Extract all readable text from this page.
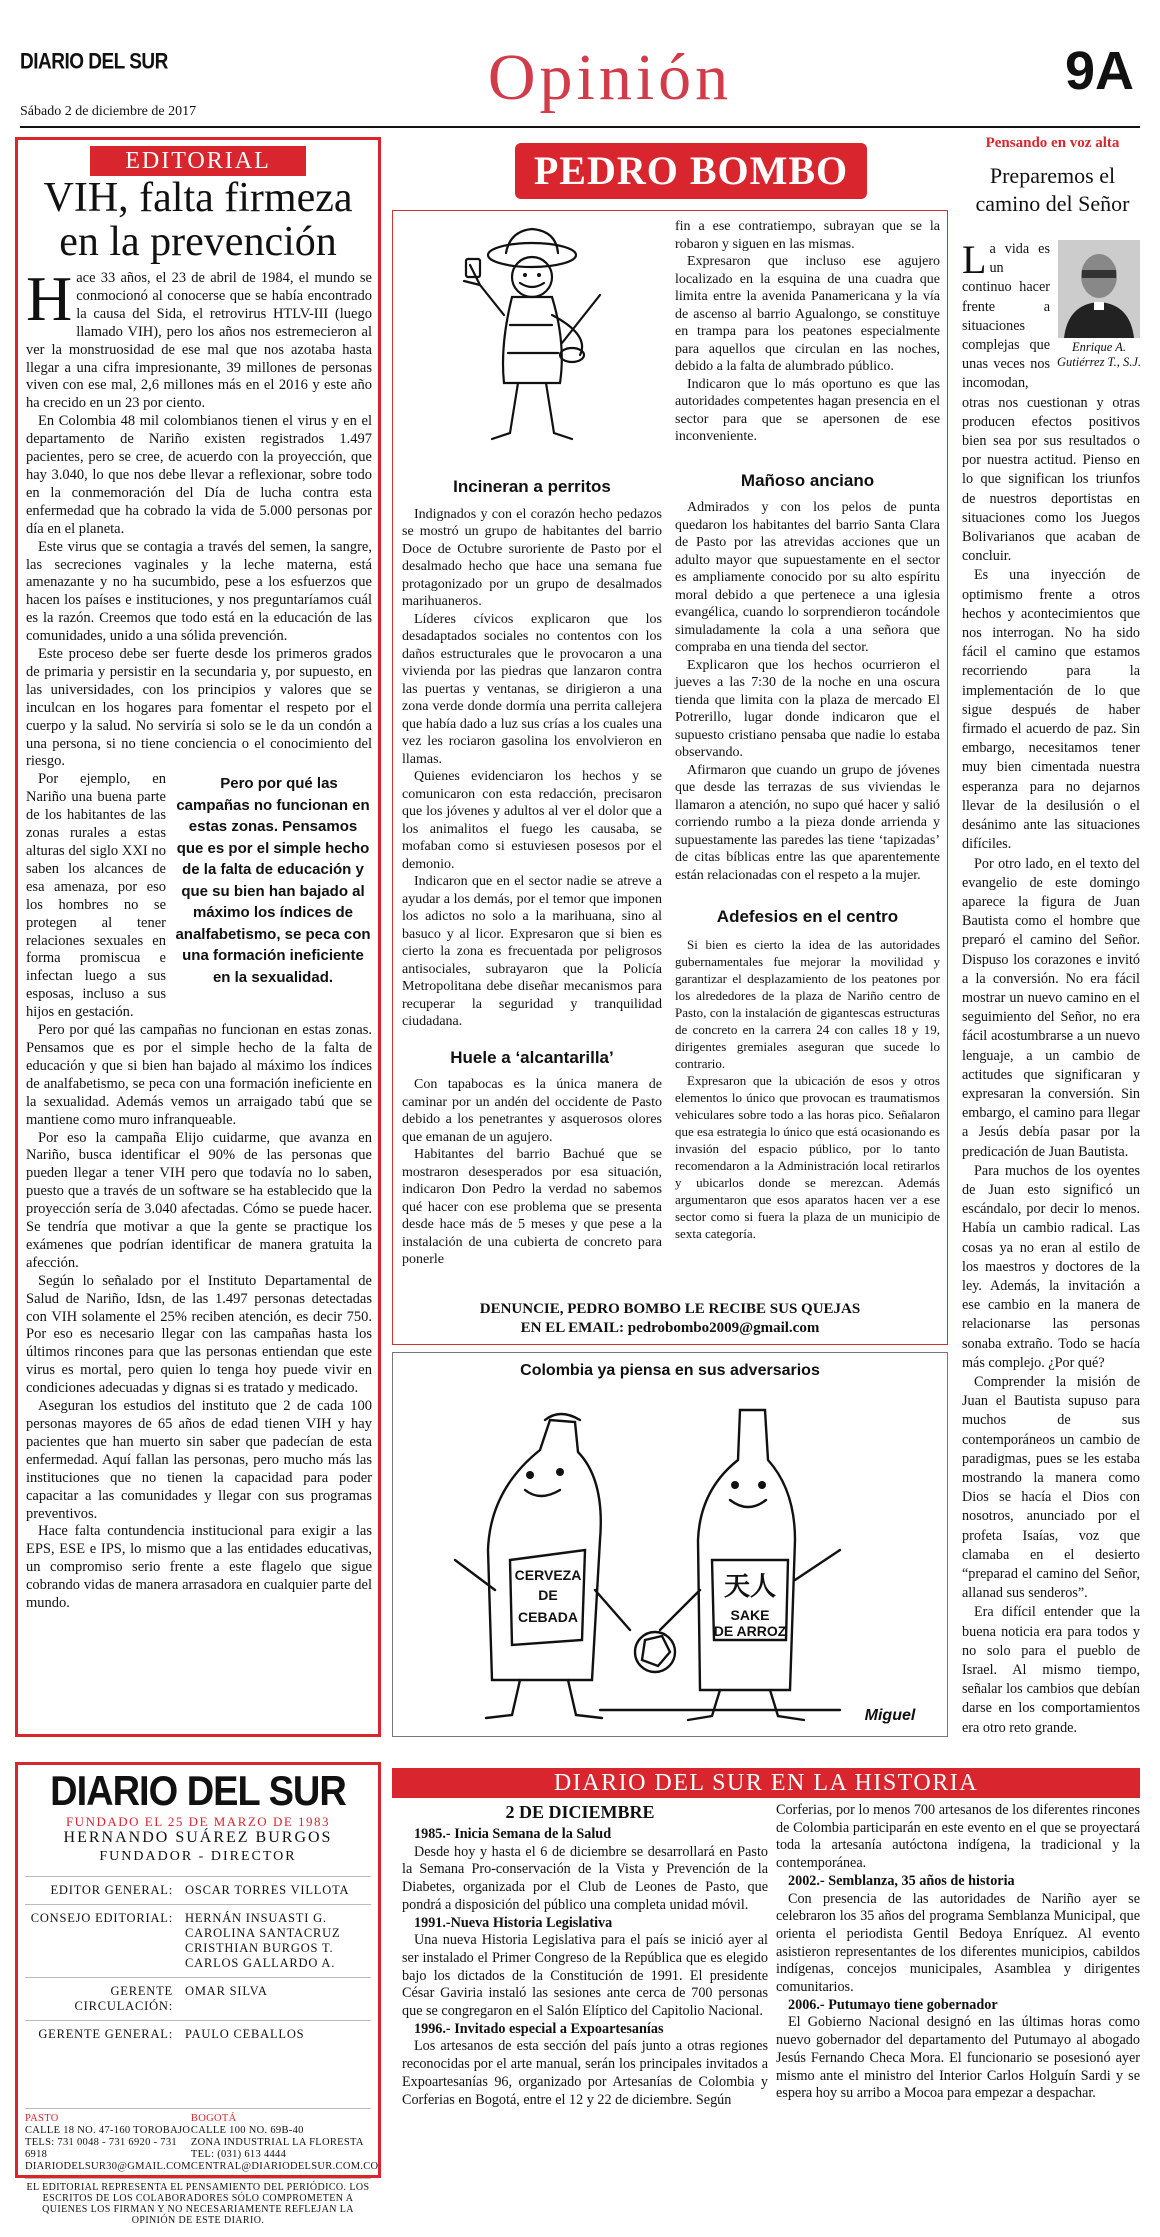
DIARIO DEL SUR
Sábado 2 de diciembre de 2017	Opinión	9A
EDITORIAL
VIH, falta firmeza
en la prevención

Hace 33 años, el 23 de abril de 1984, el mundo se conmocionó al conocerse que se había encontrado la causa del Sida, el retrovirus HTLV-III (luego llamado VIH), pero los años nos estremecieron al ver la monstruosidad de ese mal que nos azotaba hasta llegar a una cifra impresionante, 39 millones de personas viven con ese mal, 2,6 millones más en el 2016 y este año ha crecido en un 23 por ciento.

En Colombia 48 mil colombianos tienen el virus y en el departamento de Nariño existen registrados 1.497 pacientes, pero se cree, de acuerdo con la proyección, que hay 3.040, lo que nos debe llevar a reflexionar, sobre todo en la conmemoración del Día de lucha contra esta enfermedad que ha cobrado la vida de 5.000 personas por día en el planeta.

Este virus que se contagia a través del semen, la sangre, las secreciones vaginales y la leche materna, está amenazante y no ha sucumbido, pese a los esfuerzos que hacen los países e instituciones, y nos preguntaríamos cuál es la razón. Creemos que todo está en la educación de las comunidades, unido a una sólida prevención.

Este proceso debe ser fuerte desde los primeros grados de primaria y persistir en la secundaria y, por supuesto, en las universidades, con los principios y valores que se inculcan en los hogares para fomentar el respeto por el cuerpo y la salud. No serviría si solo se le da un condón a una persona, si no tiene conciencia o el conocimiento del riesgo.

Pero por qué las campañas no funcionan en estas zonas. Pensamos que es por el simple hecho de la falta de educación y que su bien han bajado al máximo los índices de analfabetismo, se peca con una formación ineficiente en la sexualidad.
Por ejemplo, en Nariño una buena parte de los habitantes de las zonas rurales a estas alturas del siglo XXI no saben los alcances de esa amenaza, por eso los hombres no se protegen al tener relaciones sexuales en forma promiscua e infectan luego a sus esposas, incluso a sus hijos en gestación.

Pero por qué las campañas no funcionan en estas zonas. Pensamos que es por el simple hecho de la falta de educación y que si bien han bajado al máximo los índices de analfabetismo, se peca con una formación ineficiente en la sexualidad. Además vemos un arraigado tabú que se mantiene como muro infranqueable.

Por eso la campaña Elijo cuidarme, que avanza en Nariño, busca identificar el 90% de las personas que pueden llegar a tener VIH pero que todavía no lo saben, puesto que a través de un software se ha establecido que la proyección sería de 3.040 afectadas. Cómo se puede hacer. Se tendría que motivar a que la gente se practique los exámenes que podrían identificar de manera gratuita la afección.

Según lo señalado por el Instituto Departamental de Salud de Nariño, Idsn, de las 1.497 personas detectadas con VIH solamente el 25% reciben atención, es decir 750. Por eso es necesario llegar con las campañas hasta los últimos rincones para que las personas entiendan que este virus es mortal, pero quien lo tenga hoy puede vivir en condiciones adecuadas y dignas si es tratado y medicado.

Aseguran los estudios del instituto que 2 de cada 100 personas mayores de 65 años de edad tienen VIH y hay pacientes que han muerto sin saber que padecían de esta enfermedad. Aquí fallan las personas, pero mucho más las instituciones que no tienen la capacidad para poder capacitar a las comunidades y llegar con sus programas preventivos.

Hace falta contundencia institucional para exigir a las EPS, ESE e IPS, lo mismo que a las entidades educativas, un compromiso serio frente a este flagelo que sigue cobrando vidas de manera arrasadora en cualquier parte del mundo.

PEDRO BOMBO

fin a ese contratiempo, subrayan que se la robaron y siguen en las mismas.

Expresaron que incluso ese agujero localizado en la esquina de una cuadra que limita entre la avenida Panamericana y la vía de ascenso al barrio Agualongo, se constituye en trampa para los peatones especialmente para aquellos que circulan en las noches, debido a la falta de alumbrado público.

Indicaron que lo más oportuno es que las autoridades competentes hagan presencia en el sector para que se apersonen de ese inconveniente.

Mañoso anciano

Admirados y con los pelos de punta quedaron los habitantes del barrio Santa Clara de Pasto por las atrevidas acciones que un adulto mayor que supuestamente en el sector es ampliamente conocido por su alto espíritu moral debido a que pertenece a una iglesia evangélica, cuando lo sorprendieron tocándole simuladamente la cola a una señora que compraba en una tienda del sector.

Explicaron que los hechos ocurrieron el jueves a las 7:30 de la noche en una oscura tienda que limita con la plaza de mercado El Potrerillo, lugar donde indicaron que el supuesto cristiano pensaba que nadie lo estaba observando.

Afirmaron que cuando un grupo de jóvenes que desde las terrazas de sus viviendas le llamaron a atención, no supo qué hacer y salió corriendo rumbo a la pieza donde arrienda y supuestamente las paredes las tiene ‘tapizadas’ de citas bíblicas entre las que aparentemente están relacionadas con el respeto a la mujer.

Adefesios en el centro

Si bien es cierto la idea de las autoridades gubernamentales fue mejorar la movilidad y garantizar el desplazamiento de los peatones por los alrededores de la plaza de Nariño centro de Pasto, con la instalación de gigantescas estructuras de concreto en la carrera 24 con calles 18 y 19, dirigentes gremiales aseguran que sucede lo contrario.

Expresaron que la ubicación de esos y otros elementos lo único que provocan es traumatismos vehiculares sobre todo a las horas pico. Señalaron que esa estrategia lo único que está ocasionando es invasión del espacio público, por lo tanto recomendaron a la Administración local retirarlos y ubicarlos donde se merezcan. Además argumentaron que esos aparatos hacen ver a ese sector como si fuera la plaza de un municipio de sexta categoría.

Incineran a perritos

Indignados y con el corazón hecho pedazos se mostró un grupo de habitantes del barrio Doce de Octubre suroriente de Pasto por el desalmado hecho que hace una semana fue protagonizado por un grupo de desalmados marihuaneros.

Líderes cívicos explicaron que los desadaptados sociales no contentos con los daños estructurales que le provocaron a una vivienda por las piedras que lanzaron contra las puertas y ventanas, se dirigieron a una zona verde donde dormía una perrita callejera que había dado a luz sus crías a los cuales una vez les rociaron gasolina los envolvieron en llamas.

Quienes evidenciaron los hechos y se comunicaron con esta redacción, precisaron que los jóvenes y adultos al ver el dolor que a los animalitos el fuego les causaba, se mofaban como si estuviesen posesos por el demonio.

Indicaron que en el sector nadie se atreve a ayudar a los demás, por el temor que imponen los adictos no solo a la marihuana, sino al basuco y al licor. Expresaron que si bien es cierto la zona es frecuentada por peligrosos antisociales, subrayaron que la Policía Metropolitana debe diseñar mecanismos para recuperar la seguridad y tranquilidad ciudadana.

Huele a ‘alcantarilla’

Con tapabocas es la única manera de caminar por un andén del occidente de Pasto debido a los penetrantes y asquerosos olores que emanan de un agujero.

Habitantes del barrio Bachué que se mostraron desesperados por esa situación, indicaron Don Pedro la verdad no sabemos qué hacer con ese problema que se presenta desde hace más de 5 meses y que pese a la instalación de una cubierta de concreto para ponerle

DENUNCIE, PEDRO BOMBO LE RECIBE SUS QUEJAS
EN EL EMAIL: pedrobombo2009@gmail.com
Colombia ya piensa en sus adversarios
CERVEZA
DE
CEBADA
天人
SAKE
DE ARROZ
Miguel
Pensando en voz alta
Preparemos el camino del Señor
Enrique A. Gutiérrez T., S.J.

La vida es un continuo hacer frente a situaciones complejas que unas veces nos incomodan, otras nos cuestionan y otras producen efectos positivos bien sea por sus resultados o por nuestra actitud. Pienso en lo que significan los triunfos de nuestros deportistas en situaciones como los Juegos Bolivarianos que acaban de concluir.

Es una inyección de optimismo frente a otros hechos y acontecimientos que nos interrogan. No ha sido fácil el camino que estamos recorriendo para la implementación de lo que sigue después de haber firmado el acuerdo de paz. Sin embargo, necesitamos tener muy bien cimentada nuestra esperanza para no dejarnos llevar de la desilusión o el desánimo ante las situaciones difíciles.

Por otro lado, en el texto del evangelio de este domingo aparece la figura de Juan Bautista como el hombre que preparó el camino del Señor. Dispuso los corazones e invitó a la conversión. No era fácil mostrar un nuevo camino en el seguimiento del Señor, no era fácil acostumbrarse a un nuevo lenguaje, a un cambio de actitudes que significaran y expresaran la conversión. Sin embargo, el camino para llegar a Jesús debía pasar por la predicación de Juan Bautista.

Para muchos de los oyentes de Juan esto significó un escándalo, por decir lo menos. Había un cambio radical. Las cosas ya no eran al estilo de los maestros y doctores de la ley. Además, la invitación a ese cambio en la manera de relacionarse las personas sonaba extraño. Todo se hacía más complejo. ¿Por qué?

Comprender la misión de Juan el Bautista supuso para muchos de sus contemporáneos un cambio de paradigmas, pues se les estaba mostrando la manera como Dios se hacía el Dios con nosotros, anunciado por el profeta Isaías, voz que clamaba en el desierto “preparad el camino del Señor, allanad sus senderos”.

Era difícil entender que la buena noticia era para todos y no solo para el pueblo de Israel. Al mismo tiempo, señalar los cambios que debían darse en los comportamientos era otro reto grande.

DIARIO DEL SUR
FUNDADO EL 25 DE MARZO DE 1983
HERNANDO SUÁREZ BURGOS
FUNDADOR - DIRECTOR
EDITOR GENERAL: OSCAR TORRES VILLOTA
CONSEJO EDITORIAL: HERNÁN INSUASTI G.
CAROLINA SANTACRUZ
CRISTHIAN BURGOS T.
CARLOS GALLARDO A.
GERENTE CIRCULACIÓN:
OMAR SILVA
GERENTE GENERAL: PAULO CEBALLOS
PASTO
CALLE 18 NO. 47-160 TOROBAJO
TELS: 731 0048 - 731 6920 - 731 6918
DIARIODELSUR30@GMAIL.COM
BOGOTÁ
CALLE 100 NO. 69B-40
ZONA INDUSTRIAL LA FLORESTA
TEL: (031) 613 4444
CENTRAL@DIARIODELSUR.COM.CO
EL EDITORIAL REPRESENTA EL PENSAMIENTO DEL PERIÓDICO. LOS ESCRITOS DE LOS COLABORADORES SÓLO COMPROMETEN A QUIENES LOS FIRMAN Y NO NECESARIAMENTE REFLEJAN LA OPINIÓN DE ESTE DIARIO.
DIARIO DEL SUR EN LA HISTORIA
2 DE DICIEMBRE

1985.- Inicia Semana de la Salud

Desde hoy y hasta el 6 de diciembre se desarrollará en Pasto la Semana Pro-conservación de la Vista y Prevención de la Diabetes, organizada por el Club de Leones de Pasto, que pondrá a disposición del público una completa unidad móvil.

1991.-Nueva Historia Legislativa

Una nueva Historia Legislativa para el país se inició ayer al ser instalado el Primer Congreso de la República que es elegido bajo los dictados de la Constitución de 1991. El presidente César Gaviria instaló las sesiones ante cerca de 700 personas que se congregaron en el Salón Elíptico del Capitolio Nacional.

1996.- Invitado especial a Expoartesanías

Los artesanos de esta sección del país junto a otras regiones reconocidas por el arte manual, serán los principales invitados a Expoartesanías 96, organizado por Artesanías de Colombia y Corferias en Bogotá, entre el 12 y 22 de diciembre. Según

Corferias, por lo menos 700 artesanos de los diferentes rincones de Colombia participarán en este evento en el que se proyectará toda la artesanía autóctona indígena, la tradicional y la contemporánea.

2002.- Semblanza, 35 años de historia

Con presencia de las autoridades de Nariño ayer se celebraron los 35 años del programa Semblanza Municipal, que orienta el periodista Gentil Bedoya Enríquez. Al evento asistieron representantes de los diferentes municipios, cabildos indígenas, concejos municipales, Asamblea y dirigentes comunitarios.

2006.- Putumayo tiene gobernador

El Gobierno Nacional designó en las últimas horas como nuevo gobernador del departamento del Putumayo al abogado Jesús Fernando Checa Mora. El funcionario se posesionó ayer mismo ante el ministro del Interior Carlos Holguín Sardi y se espera hoy su arribo a Mocoa para empezar a despachar.
